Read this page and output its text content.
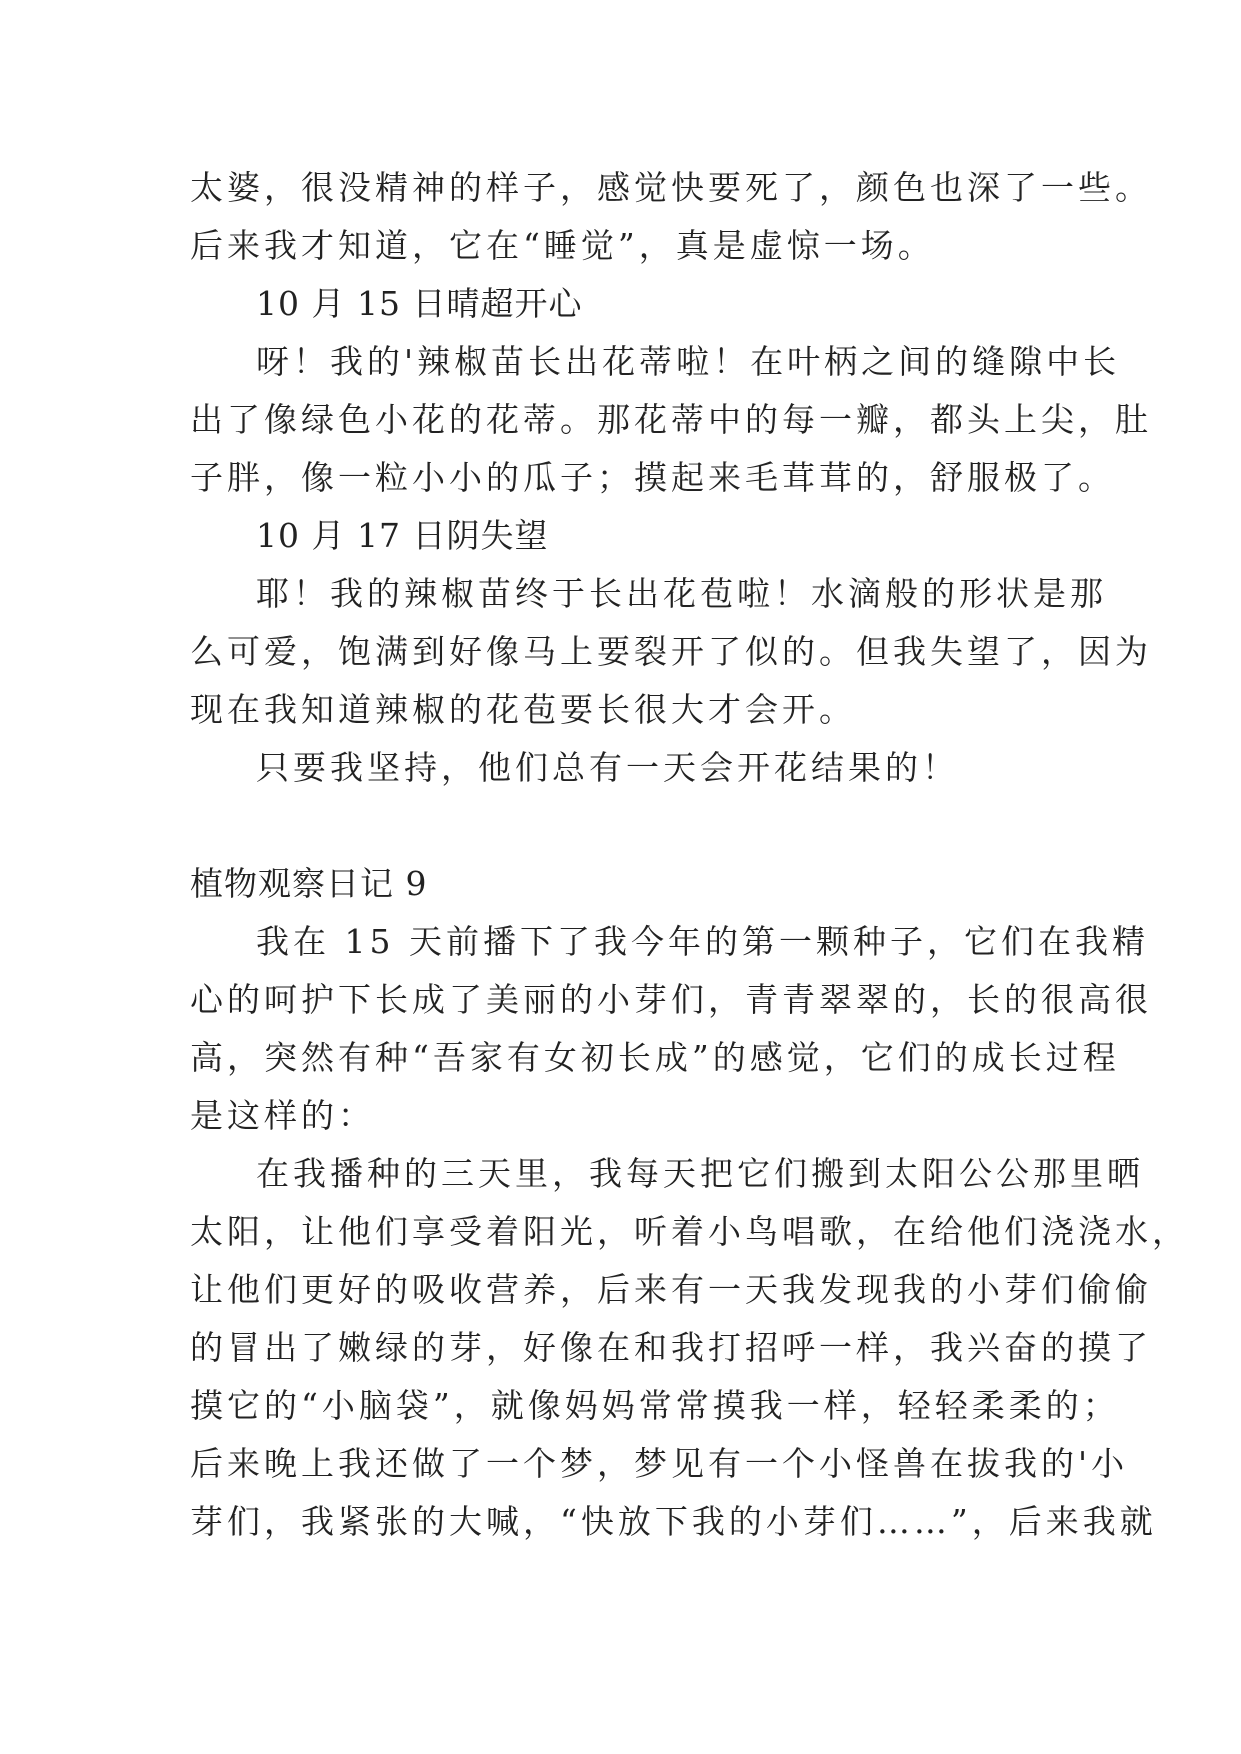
太婆，很没精神的样子，感觉快要死了，颜色也深了一些。
后来我才知道，它在“睡觉”，真是虚惊一场。
10 月 15 日晴超开心
呀！我的'辣椒苗长出花蒂啦！在叶柄之间的缝隙中长
出了像绿色小花的花蒂。那花蒂中的每一瓣，都头上尖，肚
子胖，像一粒小小的瓜子；摸起来毛茸茸的，舒服极了。
10 月 17 日阴失望
耶！我的辣椒苗终于长出花苞啦！水滴般的形状是那
么可爱，饱满到好像马上要裂开了似的。但我失望了，因为
现在我知道辣椒的花苞要长很大才会开。
只要我坚持，他们总有一天会开花结果的！
植物观察日记 9
我在 15 天前播下了我今年的第一颗种子，它们在我精
心的呵护下长成了美丽的小芽们，青青翠翠的，长的很高很
高，突然有种“吾家有女初长成”的感觉，它们的成长过程
是这样的：
在我播种的三天里，我每天把它们搬到太阳公公那里晒
太阳，让他们享受着阳光，听着小鸟唱歌，在给他们浇浇水，
让他们更好的吸收营养，后来有一天我发现我的小芽们偷偷
的冒出了嫩绿的芽，好像在和我打招呼一样，我兴奋的摸了
摸它的“小脑袋”，就像妈妈常常摸我一样，轻轻柔柔的；
后来晚上我还做了一个梦，梦见有一个小怪兽在拔我的'小
芽们，我紧张的大喊，“快放下我的小芽们……”，后来我就
